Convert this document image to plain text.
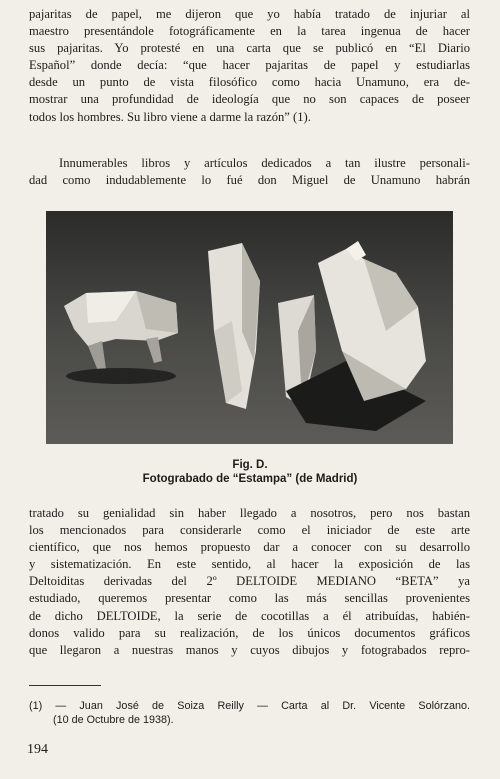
pajaritas de papel, me dijeron que yo había tratado de injuriar al
maestro presentándole fotográficamente en la tarea ingenua de hacer
sus pajaritas. Yo protesté en una carta que se publicó en “El Diario
Español” donde decía: “que hacer pajaritas de papel y estudiarlas
desde un punto de vista filosófico como hacia Unamuno, era de-
mostrar una profundidad de ideología que no son capaces de poseer
todos los hombres. Su libro viene a darme la razón” (1).

Innumerables libros y artículos dedicados a tan ilustre personali-
dad como indudablemente lo fué don Miguel de Unamuno habrán

Fig. D.
Fotograbado de “Estampa” (de Madrid)

tratado su genialidad sin haber llegado a nosotros, pero nos bastan
los mencionados para considerarle como el iniciador de este arte
científico, que nos hemos propuesto dar a conocer con su desarrollo
y sistematización. En este sentido, al hacer la exposición de las
Deltoiditas derivadas del 2º DELTOIDE MEDIANO “BETA” ya
estudiado, queremos presentar como las más sencillas provenientes
de dicho DELTOIDE, la serie de cocotillas a él atribuídas, habién-
donos valido para su realización, de los únicos documentos gráficos
que llegaron a nuestras manos y cuyos dibujos y fotograbados repro-

(1) — Juan José de Soiza Reilly — Carta al Dr. Vicente Solórzano.
(10 de Octubre de 1938).
194
